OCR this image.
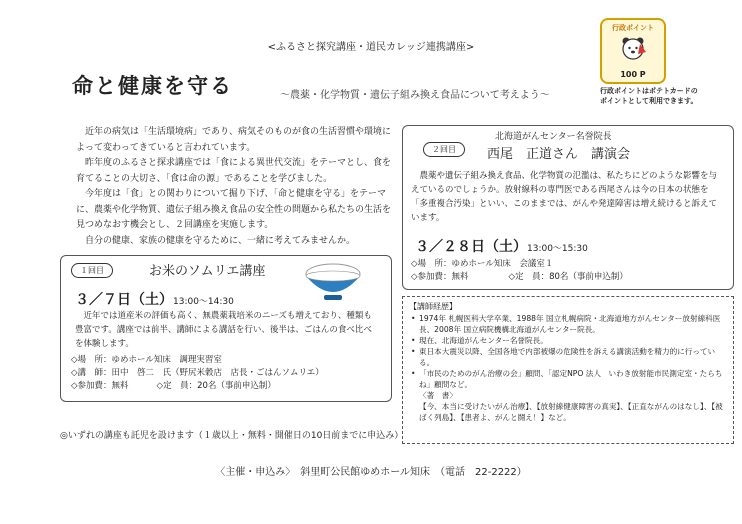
<ふるさと探究講座・道民カレッジ連携講座>
行政ポイント
100 P
行政ポイントはポテトカードの
ポイントとして利用できます。
命と健康を守る	～農薬・化学物質・遺伝子組み換え食品について考えよう～

近年の病気は「生活環境病」であり、病気そのものが食の生活習慣や環境によって変わってきていると言われています。

昨年度のふるさと探求講座では「食による異世代交流」をテーマとし、食を育てることの大切さ、「食は命の源」であることを学びました。

今年度は「食」との関わりについて掘り下げ、「命と健康を守る」をテーマに、農薬や化学物質、遺伝子組み換え食品の安全性の問題から私たちの生活を見つめなおす機会とし、２回講座を実施します。

自分の健康、家族の健康を守るために、一緒に考えてみませんか。

１回目	お米のソムリエ講座
３／７日（土）13:00～14:30
近年では道産米の評価も高く、無農薬栽培米のニーズも増えており、種類も豊富です。講座では前半、講師による講話を行い、後半は、ごはんの食べ比べを体験します。
◇場　所：ゆめホール知床　調理実習室
◇講　師：田中　啓二　氏（野尻米穀店　店長・ごはんソムリエ）
◇参加費：無料	◇定　員：20名（事前申込制）
２回目
北海道がんセンター名誉院長
西尾　正道さん　講演会
農薬や遺伝子組み換え食品、化学物質の氾濫は、私たちにどのような影響を与えているのでしょうか。放射線科の専門医である西尾さんは今の日本の状態を「多重複合汚染」といい、このままでは、がんや発達障害は増え続けると訴えています。
３／２８日（土）13:00～15:30
◇場　所：ゆめホール知床　会議室１
◇参加費：無料	◇定　員：80名（事前申込制）
【講師経歴】
• 1974年 札幌医科大学卒業、1988年 国立札幌病院・北海道地方がんセンター放射線科医長、2008年 国立病院機構北海道がんセンター院長。
• 現在、北海道がんセンター名誉院長。
• 東日本大震災以降、全国各地で内部被爆の危険性を訴える講演活動を精力的に行っている。
• 「市民のためのがん治療の会」顧問、「認定NPO 法人　いわき放射能市民測定室・たらちね」顧問など。
〈著　書〉
【今、本当に受けたいがん治療】、【放射線健康障害の真実】、【正直ながんのはなし】、【被ばく列島】、【患者よ、がんと闘え！】など。
◎いずれの講座も託児を設けます（１歳以上・無料・開催日の10日前までに申込み）
〈主催・申込み〉　斜里町公民館ゆめホール知床　（電話　22-2222）
